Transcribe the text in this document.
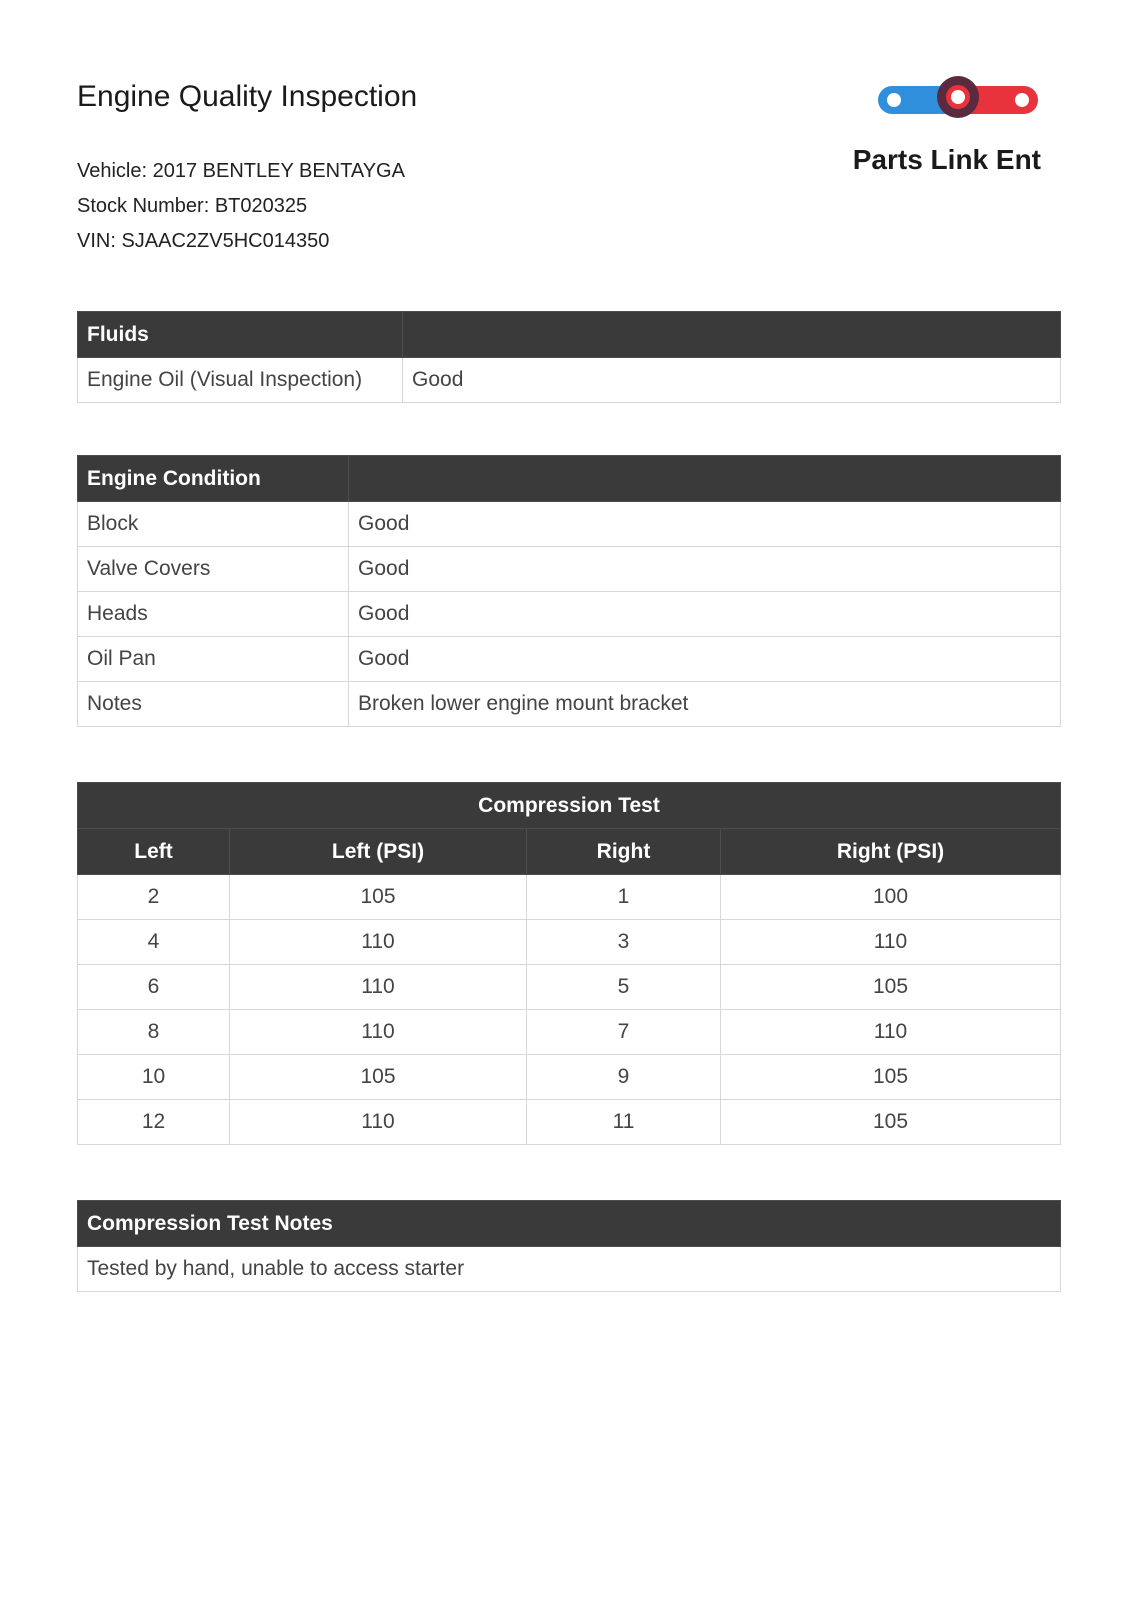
Engine Quality Inspection
Vehicle: 2017 BENTLEY BENTAYGA
Stock Number: BT020325
VIN: SJAAC2ZV5HC014350
Parts Link Ent
Fluids	
Engine Oil (Visual Inspection)	Good
Engine Condition	
Block	Good
Valve Covers	Good
Heads	Good
Oil Pan	Good
Notes	Broken lower engine mount bracket
Compression Test			
Left	Left (PSI)	Right	Right (PSI)
2	105	1	100
4	110	3	110
6	110	5	105
8	110	7	110
10	105	9	105
12	110	11	105
Compression Test Notes
Tested by hand, unable to access starter
